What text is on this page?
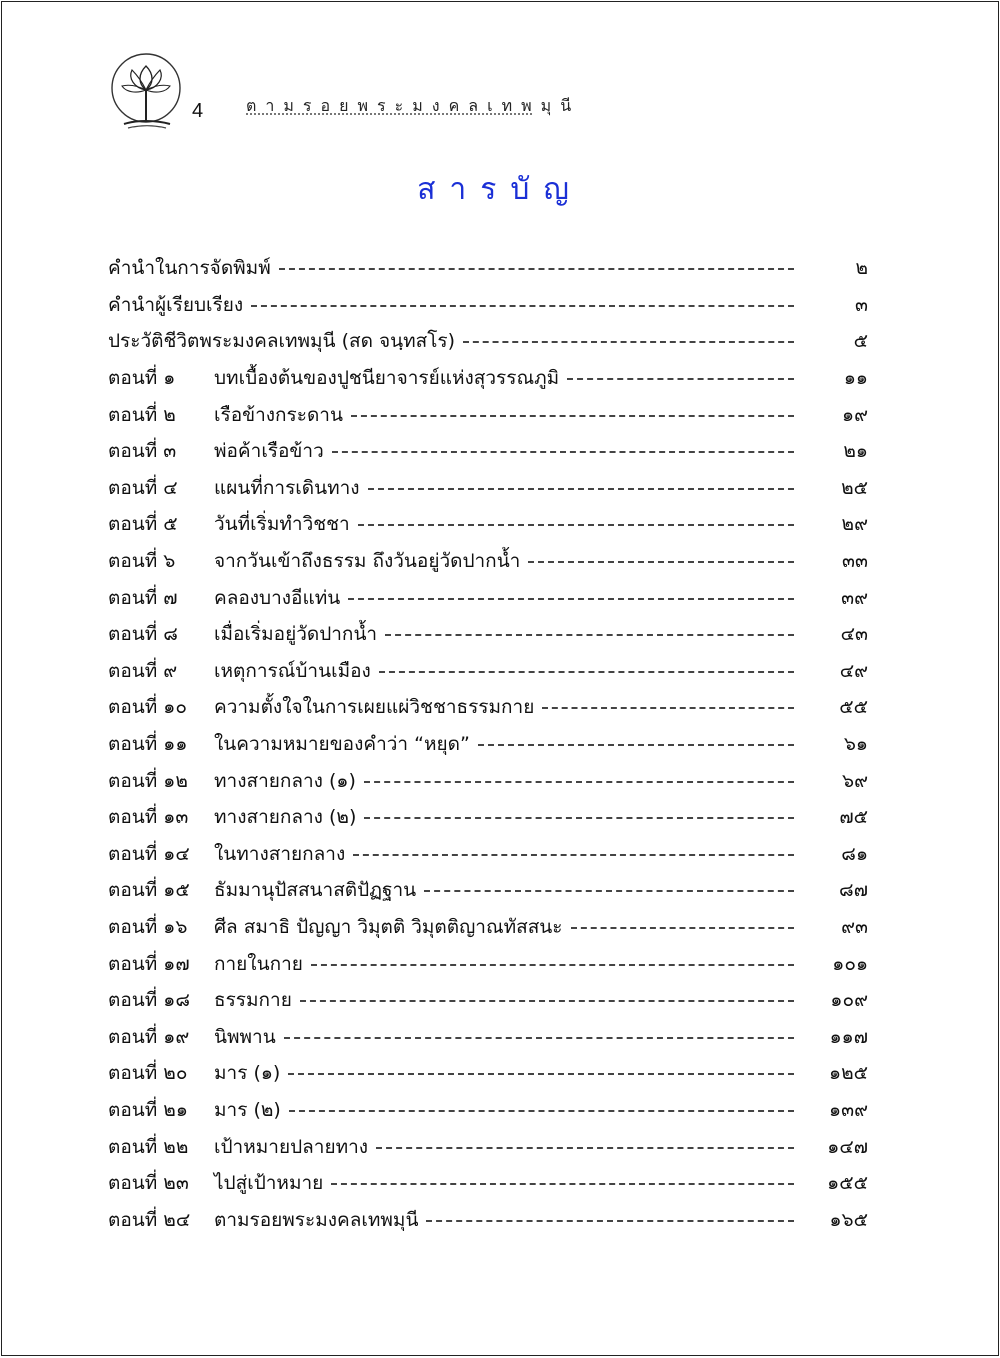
4	ตามรอยพระมงคลเทพมุนี
สารบัญ
คำนำในการจัดพิมพ์	๒
คำนำผู้เรียบเรียง	๓
ประวัติชีวิตพระมงคลเทพมุนี (สด จนฺทสโร)	๕
ตอนที่ ๑	บทเบื้องต้นของปูชนียาจารย์แห่งสุวรรณภูมิ	๑๑
ตอนที่ ๒	เรือข้างกระดาน	๑๙
ตอนที่ ๓	พ่อค้าเรือข้าว	๒๑
ตอนที่ ๔	แผนที่การเดินทาง	๒๕
ตอนที่ ๕	วันที่เริ่มทำวิชชา	๒๙
ตอนที่ ๖	จากวันเข้าถึงธรรม ถึงวันอยู่วัดปากน้ำ	๓๓
ตอนที่ ๗	คลองบางอีแท่น	๓๙
ตอนที่ ๘	เมื่อเริ่มอยู่วัดปากน้ำ	๔๓
ตอนที่ ๙	เหตุการณ์บ้านเมือง	๔๙
ตอนที่ ๑๐	ความตั้งใจในการเผยแผ่วิชชาธรรมกาย	๕๕
ตอนที่ ๑๑	ในความหมายของคำว่า “หยุด”	๖๑
ตอนที่ ๑๒	ทางสายกลาง (๑)	๖๙
ตอนที่ ๑๓	ทางสายกลาง (๒)	๗๕
ตอนที่ ๑๔	ในทางสายกลาง	๘๑
ตอนที่ ๑๕	ธัมมานุปัสสนาสติปัฏฐาน	๘๗
ตอนที่ ๑๖	ศีล สมาธิ ปัญญา วิมุตติ วิมุตติญาณทัสสนะ	๙๓
ตอนที่ ๑๗	กายในกาย	๑๐๑
ตอนที่ ๑๘	ธรรมกาย	๑๐๙
ตอนที่ ๑๙	นิพพาน	๑๑๗
ตอนที่ ๒๐	มาร (๑)	๑๒๕
ตอนที่ ๒๑	มาร (๒)	๑๓๙
ตอนที่ ๒๒	เป้าหมายปลายทาง	๑๔๗
ตอนที่ ๒๓	ไปสู่เป้าหมาย	๑๕๕
ตอนที่ ๒๔	ตามรอยพระมงคลเทพมุนี	๑๖๕
